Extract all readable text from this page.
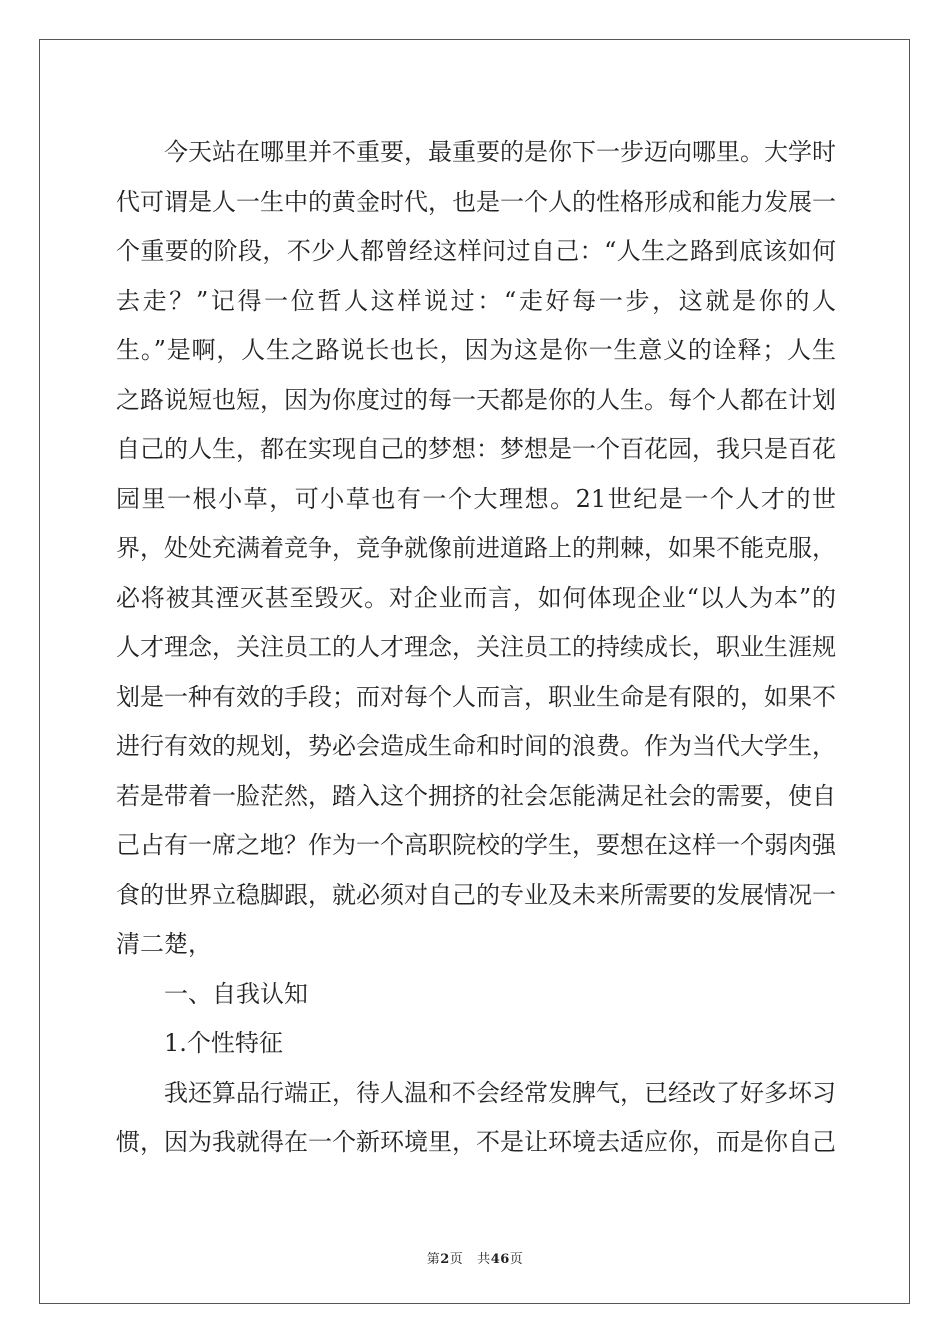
今天站在哪里并不重要，最重要的是你下一步迈向哪里。大学时代可谓是人一生中的黄金时代，也是一个人的性格形成和能力发展一个重要的阶段，不少人都曾经这样问过自己：“人生之路到底该如何去走？”记得一位哲人这样说过：“走好每一步，这就是你的人生。”是啊，人生之路说长也长，因为这是你一生意义的诠释；人生之路说短也短，因为你度过的每一天都是你的人生。每个人都在计划自己的人生，都在实现自己的梦想：梦想是一个百花园，我只是百花园里一根小草，可小草也有一个大理想。21世纪是一个人才的世界，处处充满着竞争，竞争就像前进道路上的荆棘，如果不能克服，必将被其湮灭甚至毁灭。对企业而言，如何体现企业“以人为本”的人才理念，关注员工的人才理念，关注员工的持续成长，职业生涯规划是一种有效的手段；而对每个人而言，职业生命是有限的，如果不进行有效的规划，势必会造成生命和时间的浪费。作为当代大学生，若是带着一脸茫然，踏入这个拥挤的社会怎能满足社会的需要，使自己占有一席之地？作为一个高职院校的学生，要想在这样一个弱肉强食的世界立稳脚跟，就必须对自己的专业及未来所需要的发展情况一清二楚，

一、自我认知

1.个性特征

我还算品行端正，待人温和不会经常发脾气，已经改了好多坏习惯，因为我就得在一个新环境里，不是让环境去适应你，而是你自己

第2页 共46页
